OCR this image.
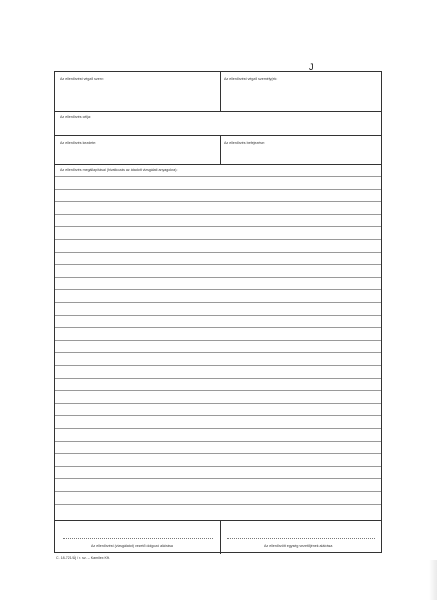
J
Az ellenőrzést végző szerv:	Az ellenőrzést végző személy(ek:
Az ellenőrzés célja:
Az ellenőrzés kezdete:	Az ellenőrzés befejezése:
Az ellenőrzés megállapításai (hivatkozás az átadott vizsgálati anyagokra):
Az ellenőrzést (vizsgálatot) vezető dolgozó aláírása	Az ellenőrzött egység vezetőjének aláírása
C. 18-721/Új / r. sz. – Kamilex Kft.
